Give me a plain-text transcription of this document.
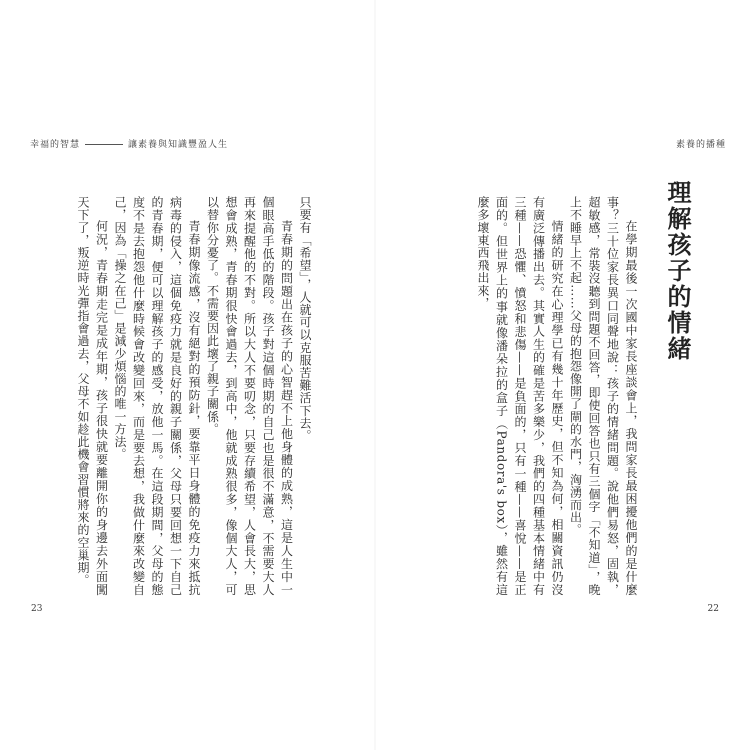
幸福的智慧	讓素養與知識豐盈人生	素養的播種
理解孩子的情緒

在學期最後一次國中家長座談會上，我問家長最困擾他們的是什麼事？三十位家長異口同聲地說：孩子的情緒問題。說他們易怒，固執，超敏感，常裝沒聽到問題不回答，即使回答也只有三個字「不知道」，晚上不睡早上不起……父母的抱怨像開了閘的水門，洶湧而出。

情緒的研究在心理學已有幾十年歷史，但不知為何，相關資訊仍沒有廣泛傳播出去。其實人生的確是苦多樂少，我們的四種基本情緒中有三種——恐懼、憤怒和悲傷——是負面的，只有一種——喜悅——是正面的。但世界上的事就像潘朵拉的盒子（Pandora's box），雖然有這麼多壞東西飛出來，

只要有「希望」，人就可以克服苦難活下去。

青春期的問題出在孩子的心智趕不上他身體的成熟，這是人生中一個眼高手低的階段。孩子對這個時期的自己也是很不滿意，不需要大人再來提醒他的不對。所以大人不要叨念，只要存續希望，人會長大，思想會成熟，青春期很快會過去，到高中，他就成熟很多，像個大人，可以替你分憂了。不需要因此壞了親子關係。

青春期像流感，沒有絕對的預防針，要靠平日身體的免疫力來抵抗病毒的侵入，這個免疫力就是良好的親子關係，父母只要回想一下自己的青春期，便可以理解孩子的感受，放他一馬。在這段期間，父母的態度不是去抱怨他什麼時候會改變回來，而是要去想，我做什麼來改變自己，因為「操之在己」是減少煩惱的唯一方法。

何況，青春期走完是成年期，孩子很快就要離開你的身邊去外面闖天下了，叛逆時光彈指會過去，父母不如趁此機會習慣將來的空巢期。

23	22
